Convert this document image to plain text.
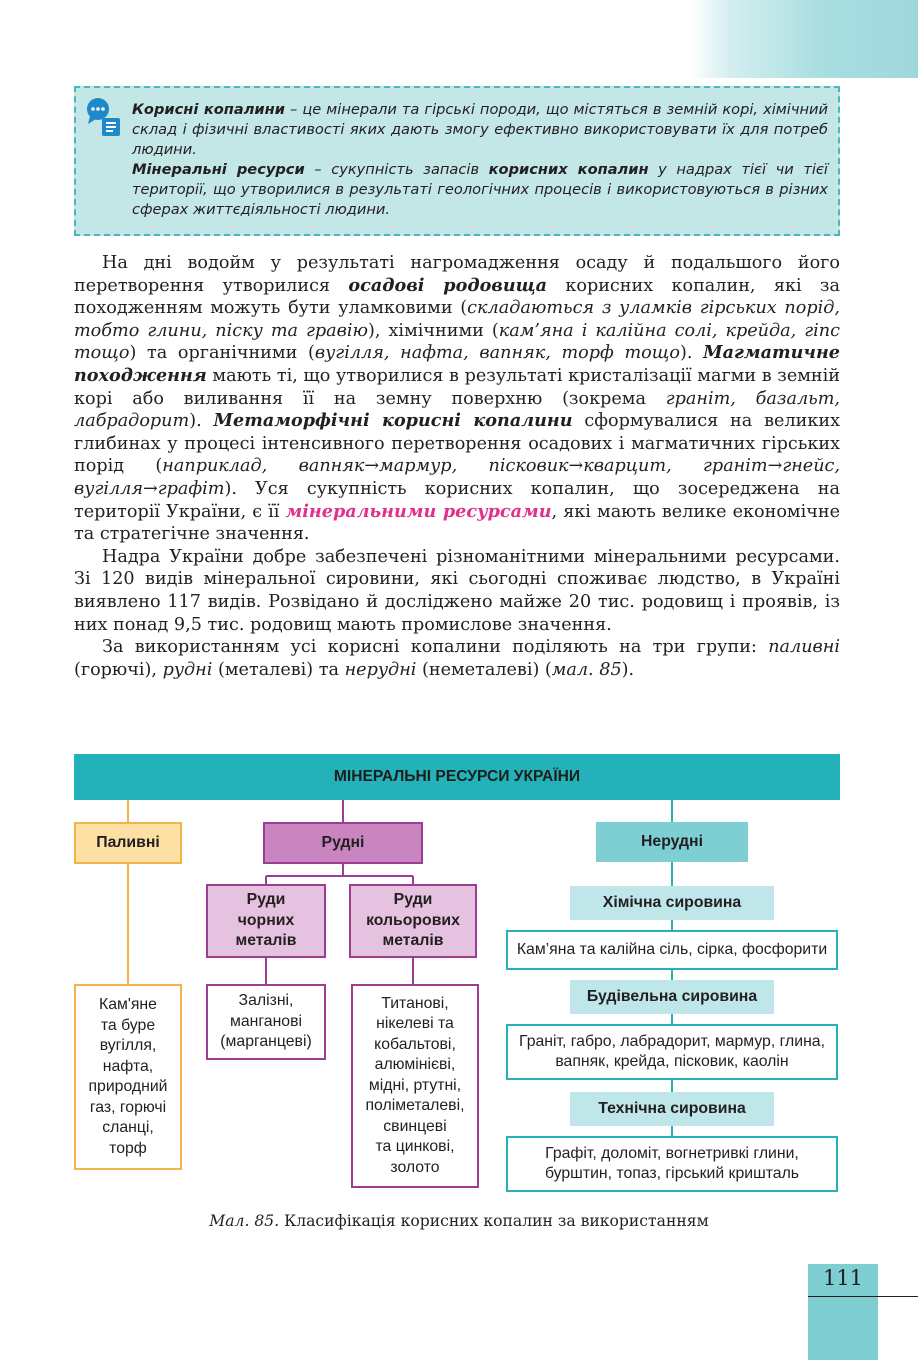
Корисні копалини – це мінерали та гірські породи, що містяться в земній корі, хімічний склад і фізичні властивості яких дають змогу ефективно використовувати їх для потреб людини.

Мінеральні ресурси – сукупність запасів корисних копалин у надрах тієї чи тієї території, що утворилися в результаті геологічних процесів і використовуються в різних сферах життєдіяльності людини.

На дні водойм у результаті нагромадження осаду й подальшого його перетворення утворилися осадові родовища корисних копалин, які за походженням можуть бути уламковими (складаються з уламків гірських порід, тобто глини, піску та гравію), хімічними (кам’яна і калійна солі, крейда, гіпс тощо) та органічними (вугілля, нафта, вапняк, торф тощо). Магматичне походження мають ті, що утворилися в результаті кристалізації магми в земній корі або виливання її на земну поверхню (зокрема граніт, базальт, лабрадорит). Метаморфічні корисні копалини сформувалися на великих глибинах у процесі інтенсивного перетворення осадових і магматичних гірських порід (наприклад, вапняк→мармур, пісковик→кварцит, граніт→гнейс, вугілля→графіт). Уся сукупність корисних копалин, що зосереджена на території України, є її мінеральними ресурсами, які мають велике економічне та стратегічне значення.

Надра України добре забезпечені різноманітними мінеральними ресурсами. Зі 120 видів мінеральної сировини, які сьогодні споживає людство, в Україні виявлено 117 видів. Розвідано й досліджено майже 20 тис. родовищ і проявів, із них понад 9,5 тис. родовищ мають промислове значення.

За використанням усі корисні копалини поділяють на три групи: паливні (горючі), рудні (металеві) та нерудні (неметалеві) (мал. 85).

МІНЕРАЛЬНІ РЕСУРСИ УКРАЇНИ
Паливні
Кам'яне
та буре
вугілля,
нафта,
природний
газ, горючі
сланці,
торф
Рудні
Руди
чорних
металів
Руди
кольорових
металів
Залізні,
манганові
(марганцеві)
Титанові,
нікелеві та
кобальтові,
алюмінієві,
мідні, ртутні,
поліметалеві,
свинцеві
та цинкові,
золото
Нерудні
Хімічна сировина
Кам’яна та калійна сіль, сірка, фосфорити
Будівельна сировина
Граніт, габро, лабрадорит, мармур, глина,
вапняк, крейда, пісковик, каолін
Технічна сировина
Графіт, доломіт, вогнетривкі глини,
бурштин, топаз, гірський кришталь
Мал. 85. Класифікація корисних копалин за використанням
111
